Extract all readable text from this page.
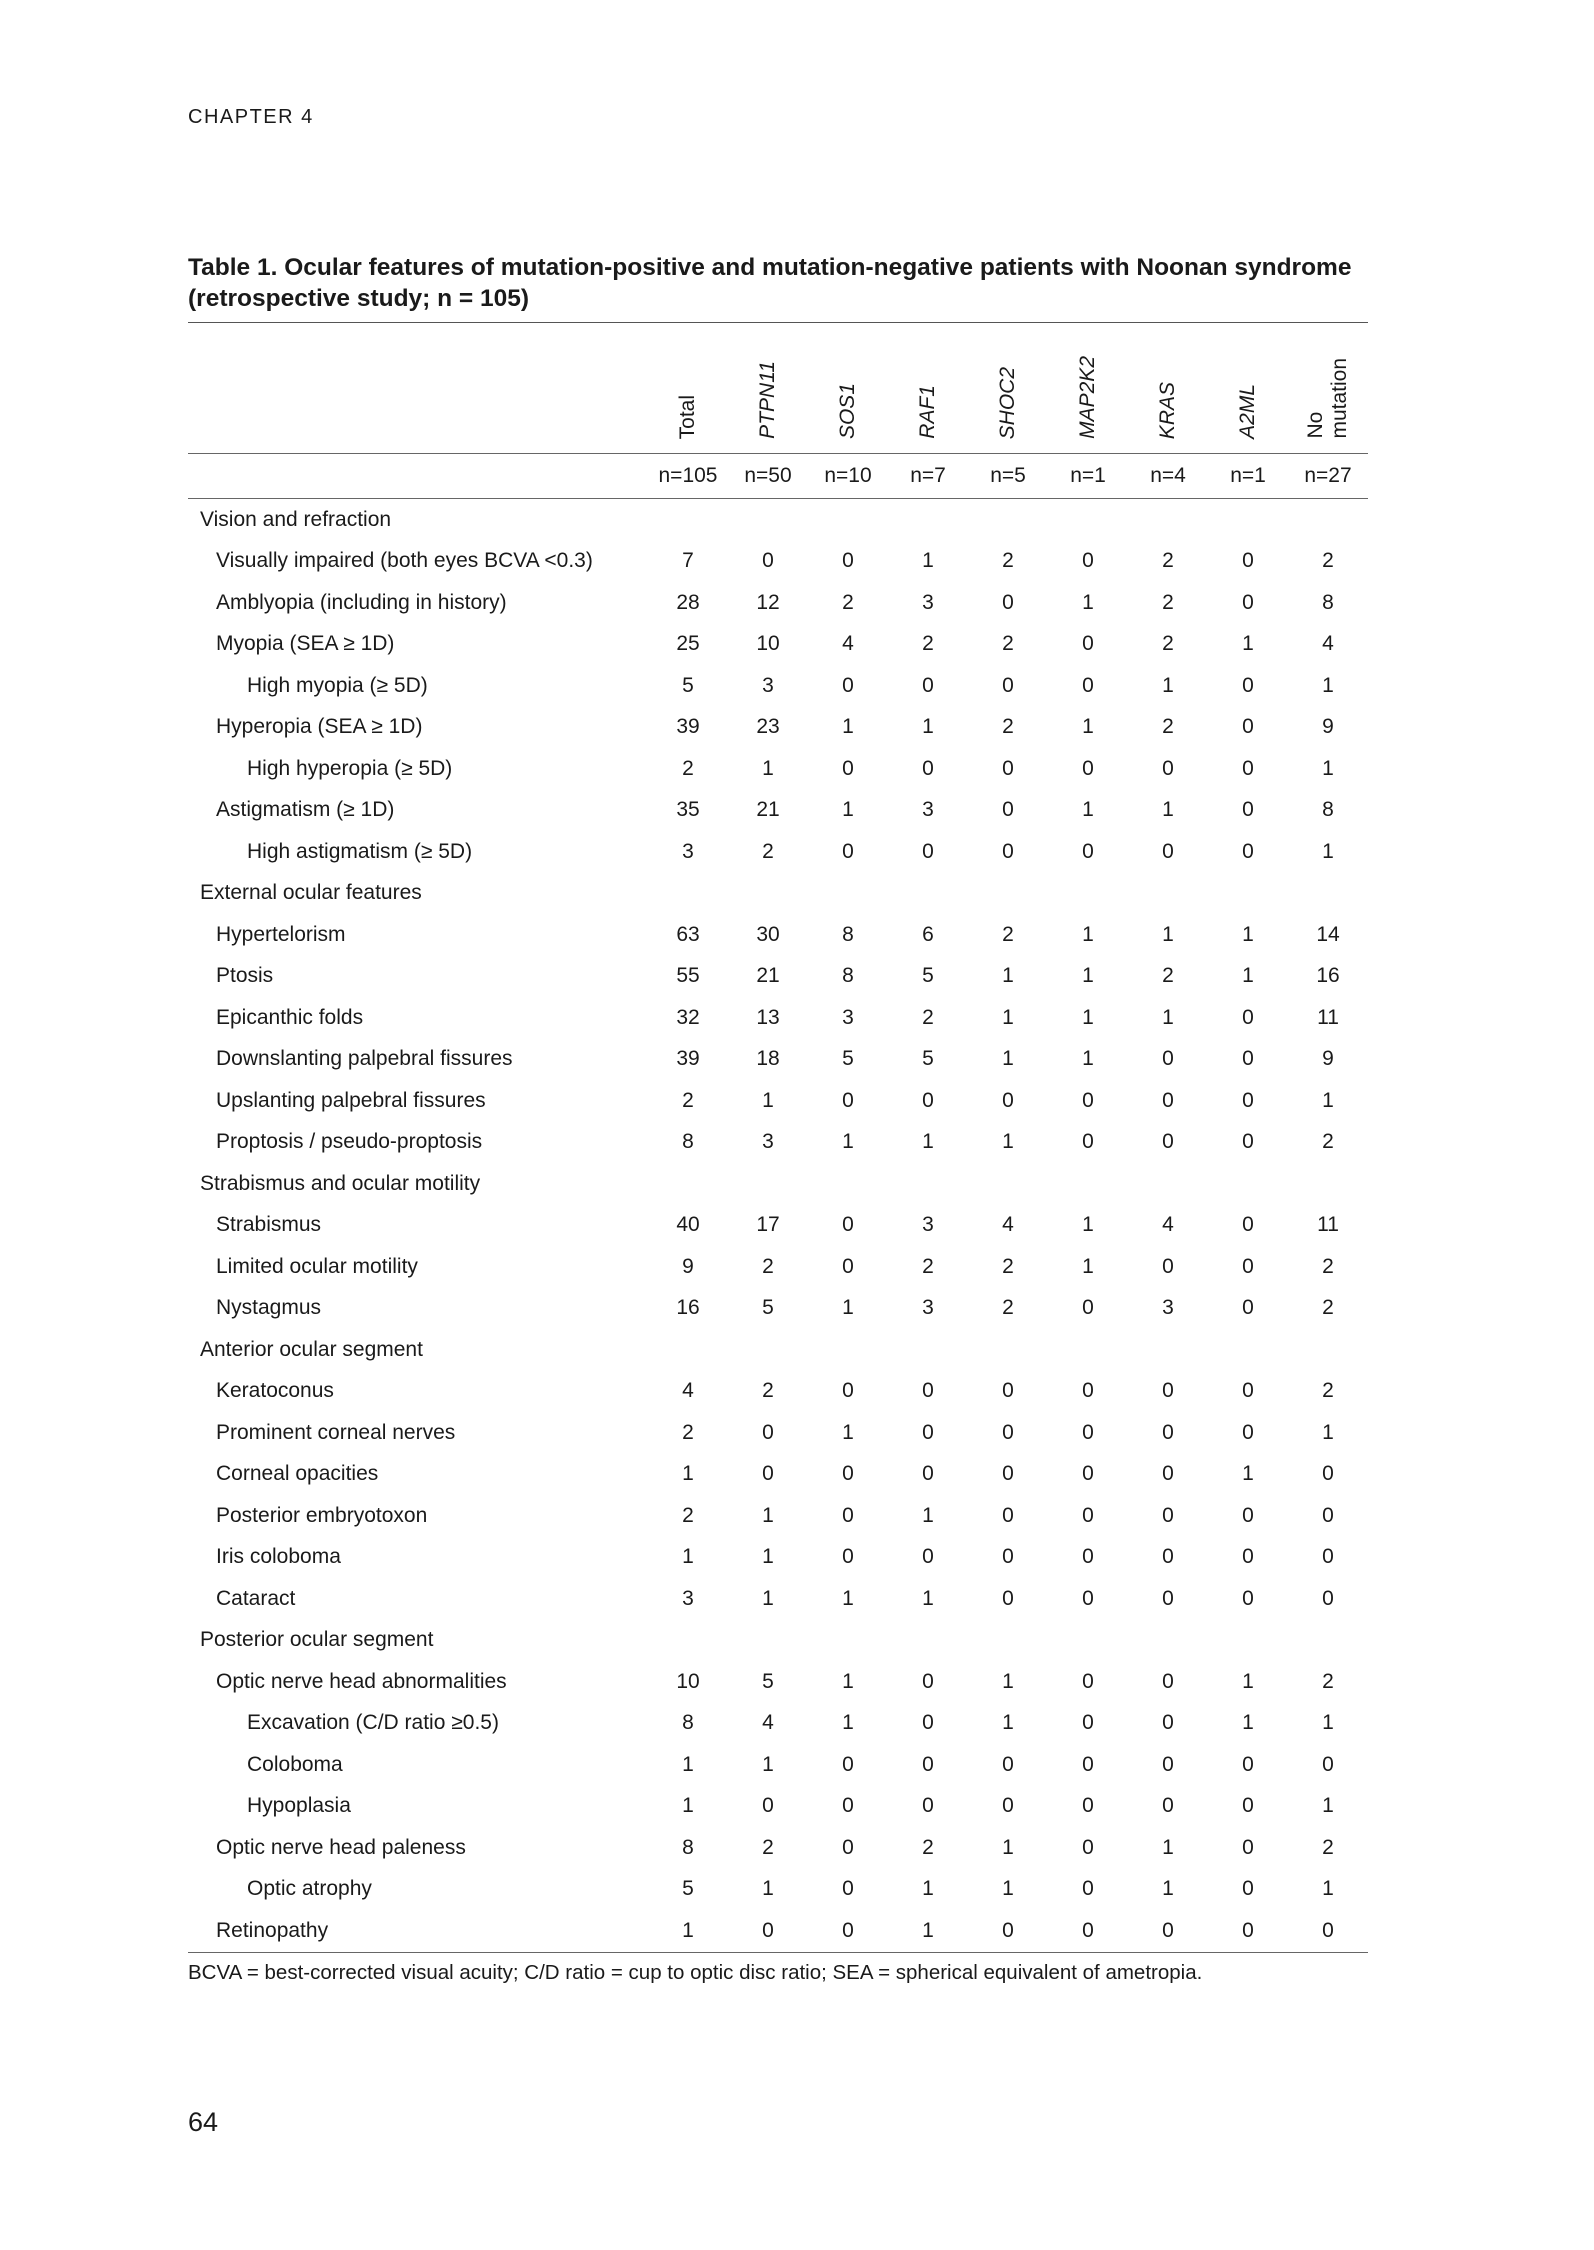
CHAPTER 4
Table 1. Ocular features of mutation-positive and mutation-negative patients with Noonan syndrome (retrospective study; n = 105)

	Total	PTPN11	SOS1	RAF1	SHOC2	MAP2K2	KRAS	A2ML	No
mutation

	n=105	n=50	n=10	n=7	n=5	n=1	n=4	n=1	n=27
Vision and refraction									
Visually impaired (both eyes BCVA <0.3)	7	0	0	1	2	0	2	0	2
Amblyopia (including in history)	28	12	2	3	0	1	2	0	8
Myopia (SEA ≥ 1D)	25	10	4	2	2	0	2	1	4
High myopia (≥ 5D)	5	3	0	0	0	0	1	0	1
Hyperopia (SEA ≥ 1D)	39	23	1	1	2	1	2	0	9
High hyperopia (≥ 5D)	2	1	0	0	0	0	0	0	1
Astigmatism (≥ 1D)	35	21	1	3	0	1	1	0	8
High astigmatism (≥ 5D)	3	2	0	0	0	0	0	0	1
External ocular features									
Hypertelorism	63	30	8	6	2	1	1	1	14
Ptosis	55	21	8	5	1	1	2	1	16
Epicanthic folds	32	13	3	2	1	1	1	0	11
Downslanting palpebral fissures	39	18	5	5	1	1	0	0	9
Upslanting palpebral fissures	2	1	0	0	0	0	0	0	1
Proptosis / pseudo-proptosis	8	3	1	1	1	0	0	0	2
Strabismus and ocular motility									
Strabismus	40	17	0	3	4	1	4	0	11
Limited ocular motility	9	2	0	2	2	1	0	0	2
Nystagmus	16	5	1	3	2	0	3	0	2
Anterior ocular segment									
Keratoconus	4	2	0	0	0	0	0	0	2
Prominent corneal nerves	2	0	1	0	0	0	0	0	1
Corneal opacities	1	0	0	0	0	0	0	1	0
Posterior embryotoxon	2	1	0	1	0	0	0	0	0
Iris coloboma	1	1	0	0	0	0	0	0	0
Cataract	3	1	1	1	0	0	0	0	0
Posterior ocular segment									
Optic nerve head abnormalities	10	5	1	0	1	0	0	1	2
Excavation (C/D ratio ≥0.5)	8	4	1	0	1	0	0	1	1
Coloboma	1	1	0	0	0	0	0	0	0
Hypoplasia	1	0	0	0	0	0	0	0	1
Optic nerve head paleness	8	2	0	2	1	0	1	0	2
Optic atrophy	5	1	0	1	1	0	1	0	1
Retinopathy	1	0	0	1	0	0	0	0	0
BCVA = best-corrected visual acuity; C/D ratio = cup to optic disc ratio; SEA = spherical equivalent of ametropia.
64
